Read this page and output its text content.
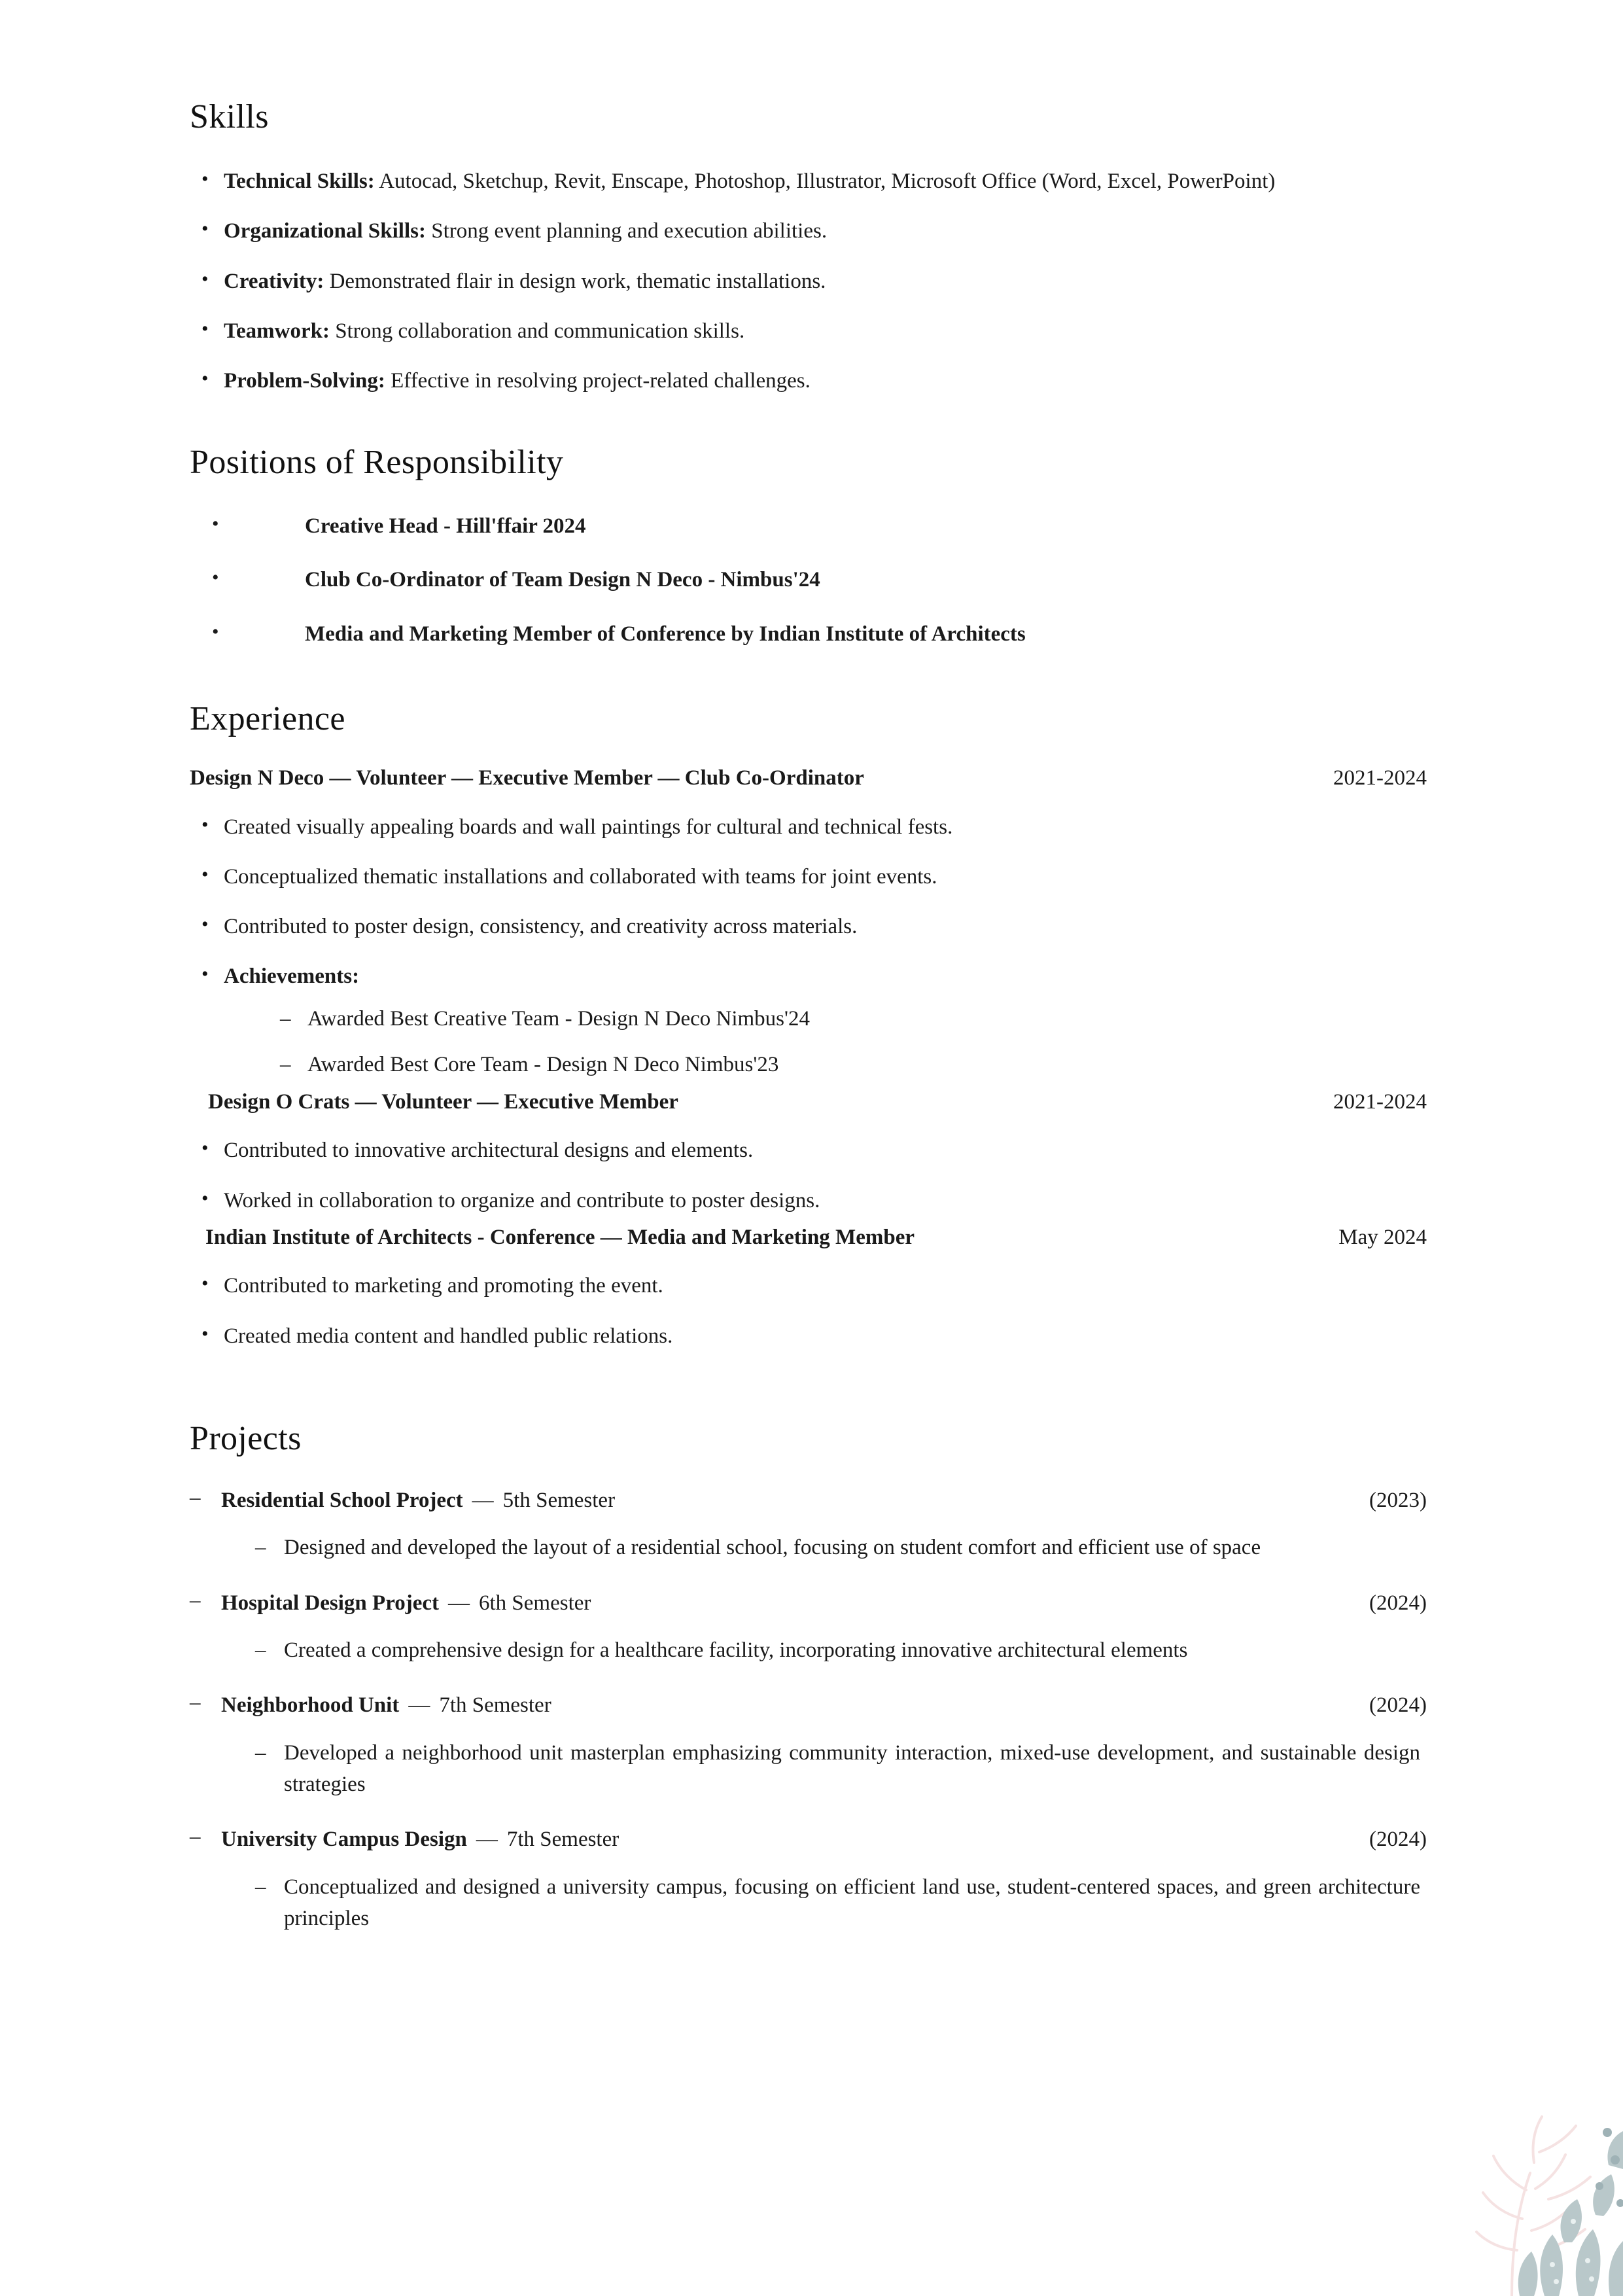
Skills
• Technical Skills: Autocad, Sketchup, Revit, Enscape, Photoshop, Illustrator, Microsoft Office (Word, Excel, PowerPoint)
• Organizational Skills: Strong event planning and execution abilities.
• Creativity: Demonstrated flair in design work, thematic installations.
• Teamwork: Strong collaboration and communication skills.
• Problem-Solving: Effective in resolving project-related challenges.
Positions of Responsibility
• Creative Head - Hill'ffair 2024
• Club Co-Ordinator of Team Design N Deco - Nimbus'24
• Media and Marketing Member of Conference by Indian Institute of Architects
Experience
Design N Deco — Volunteer — Executive Member — Club Co-Ordinator	2021-2024
• Created visually appealing boards and wall paintings for cultural and technical fests.
• Conceptualized thematic installations and collaborated with teams for joint events.
• Contributed to poster design, consistency, and creativity across materials.
• Achievements:
– Awarded Best Creative Team - Design N Deco Nimbus'24
– Awarded Best Core Team - Design N Deco Nimbus'23
Design O Crats — Volunteer — Executive Member	2021-2024
• Contributed to innovative architectural designs and elements.
• Worked in collaboration to organize and contribute to poster designs.
Indian Institute of Architects - Conference — Media and Marketing Member	May 2024
• Contributed to marketing and promoting the event.
• Created media content and handled public relations.
Projects
– Residential School Project — 5th Semester	(2023)
– Designed and developed the layout of a residential school, focusing on student comfort and efficient use of space
– Hospital Design Project — 6th Semester	(2024)
– Created a comprehensive design for a healthcare facility, incorporating innovative architectural elements
– Neighborhood Unit — 7th Semester	(2024)
– Developed a neighborhood unit masterplan emphasizing community interaction, mixed-use development, and sustainable design strategies
– University Campus Design — 7th Semester	(2024)
– Conceptualized and designed a university campus, focusing on efficient land use, student-centered spaces, and green architecture principles
